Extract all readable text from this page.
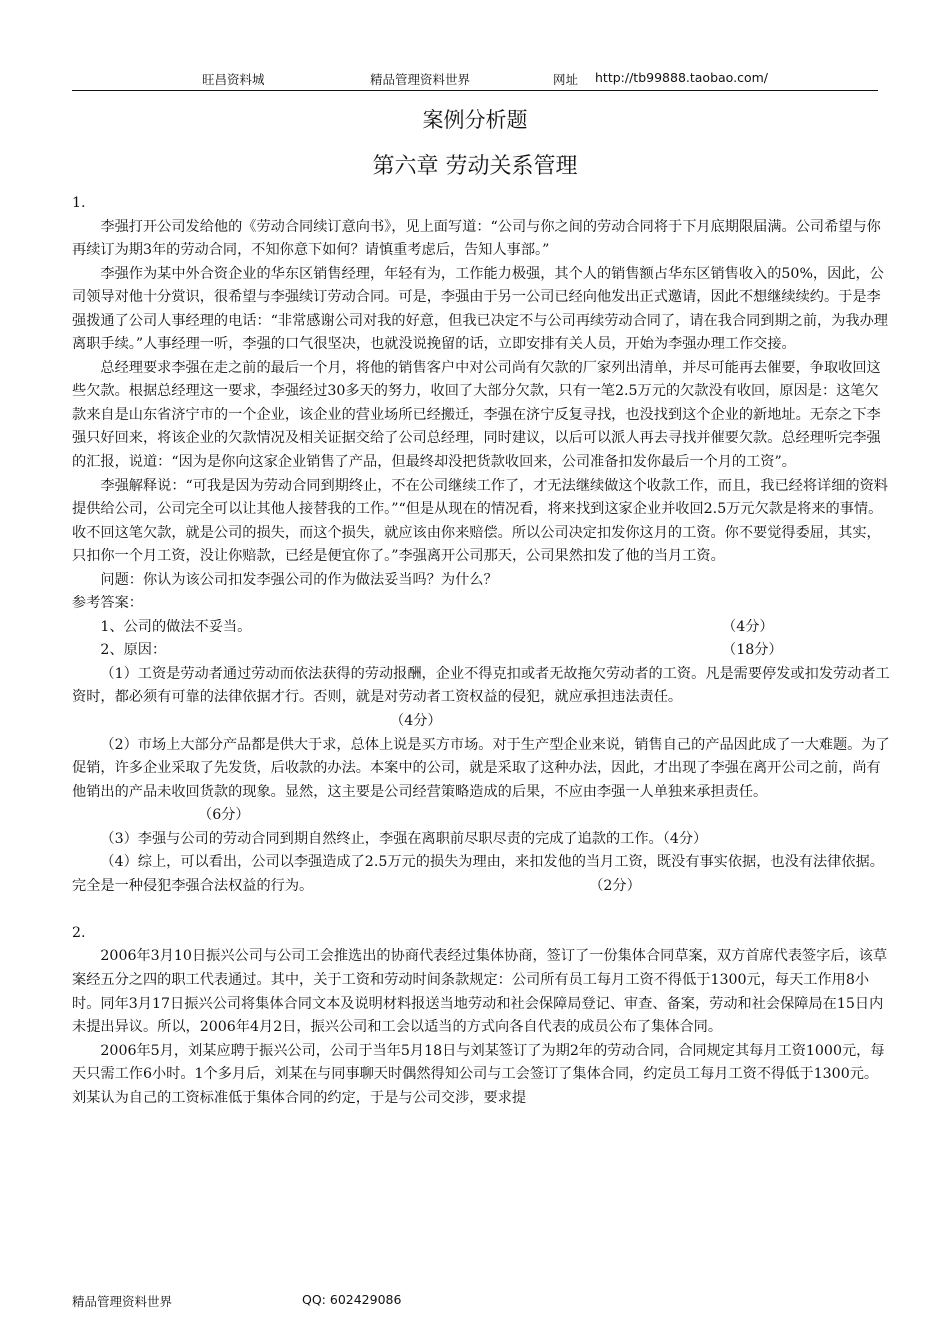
旺昌资料城	精品管理资料世界	网址 http://tb99888.taobao.com/
案例分析题
第六章 劳动关系管理

1.

李强打开公司发给他的《劳动合同续订意向书》，见上面写道：“公司与你之间的劳动合同将于下月底期限届满。公司希望与你再续订为期3年的劳动合同，不知你意下如何？请慎重考虑后，告知人事部。”

李强作为某中外合资企业的华东区销售经理，年轻有为，工作能力极强，其个人的销售额占华东区销售收入的50%，因此，公司领导对他十分赏识，很希望与李强续订劳动合同。可是，李强由于另一公司已经向他发出正式邀请，因此不想继续续约。于是李强拨通了公司人事经理的电话：“非常感谢公司对我的好意，但我已决定不与公司再续劳动合同了，请在我合同到期之前，为我办理离职手续。”人事经理一听，李强的口气很坚决，也就没说挽留的话，立即安排有关人员，开始为李强办理工作交接。

总经理要求李强在走之前的最后一个月，将他的销售客户中对公司尚有欠款的厂家列出清单，并尽可能再去催要，争取收回这些欠款。根据总经理这一要求，李强经过30多天的努力，收回了大部分欠款，只有一笔2.5万元的欠款没有收回，原因是：这笔欠款来自是山东省济宁市的一个企业，该企业的营业场所已经搬迁，李强在济宁反复寻找，也没找到这个企业的新地址。无奈之下李强只好回来，将该企业的欠款情况及相关证据交给了公司总经理，同时建议，以后可以派人再去寻找并催要欠款。总经理听完李强的汇报，说道：“因为是你向这家企业销售了产品，但最终却没把货款收回来，公司准备扣发你最后一个月的工资”。

李强解释说：“可我是因为劳动合同到期终止，不在公司继续工作了，才无法继续做这个收款工作，而且，我已经将详细的资料提供给公司，公司完全可以让其他人接替我的工作。”“但是从现在的情况看，将来找到这家企业并收回2.5万元欠款是将来的事情。收不回这笔欠款，就是公司的损失，而这个损失，就应该由你来赔偿。所以公司决定扣发你这月的工资。你不要觉得委屈，其实，只扣你一个月工资，没让你赔款，已经是便宜你了。”李强离开公司那天，公司果然扣发了他的当月工资。

问题：你认为该公司扣发李强公司的作为做法妥当吗？为什么？

参考答案：

1、公司的做法不妥当。	（4分）
2、原因：	（18分）

（1）工资是劳动者通过劳动而依法获得的劳动报酬，企业不得克扣或者无故拖欠劳动者的工资。凡是需要停发或扣发劳动者工资时，都必须有可靠的法律依据才行。否则，就是对劳动者工资权益的侵犯，就应承担违法责任。（4分）

（2）市场上大部分产品都是供大于求，总体上说是买方市场。对于生产型企业来说，销售自己的产品因此成了一大难题。为了促销，许多企业采取了先发货，后收款的办法。本案中的公司，就是采取了这种办法，因此，才出现了李强在离开公司之前，尚有他销出的产品未收回货款的现象。显然，这主要是公司经营策略造成的后果，不应由李强一人单独来承担责任。（6分）

（3）李强与公司的劳动合同到期自然终止，李强在离职前尽职尽责的完成了追款的工作。（4分）

（4）综上，可以看出，公司以李强造成了2.5万元的损失为理由，来扣发他的当月工资，既没有事实依据，也没有法律依据。完全是一种侵犯李强合法权益的行为。	（2分）

2.

2006年3月10日振兴公司与公司工会推选出的协商代表经过集体协商，签订了一份集体合同草案，双方首席代表签字后，该草案经五分之四的职工代表通过。其中，关于工资和劳动时间条款规定：公司所有员工每月工资不得低于1300元，每天工作用8小时。同年3月17日振兴公司将集体合同文本及说明材料报送当地劳动和社会保障局登记、审查、备案，劳动和社会保障局在15日内未提出异议。所以，2006年4月2日，振兴公司和工会以适当的方式向各自代表的成员公布了集体合同。

2006年5月，刘某应聘于振兴公司，公司于当年5月18日与刘某签订了为期2年的劳动合同，合同规定其每月工资1000元，每天只需工作6小时。1个多月后，刘某在与同事聊天时偶然得知公司与工会签订了集体合同，约定员工每月工资不得低于1300元。刘某认为自己的工资标准低于集体合同的约定，于是与公司交涉，要求提

精品管理资料世界	QQ: 602429086
